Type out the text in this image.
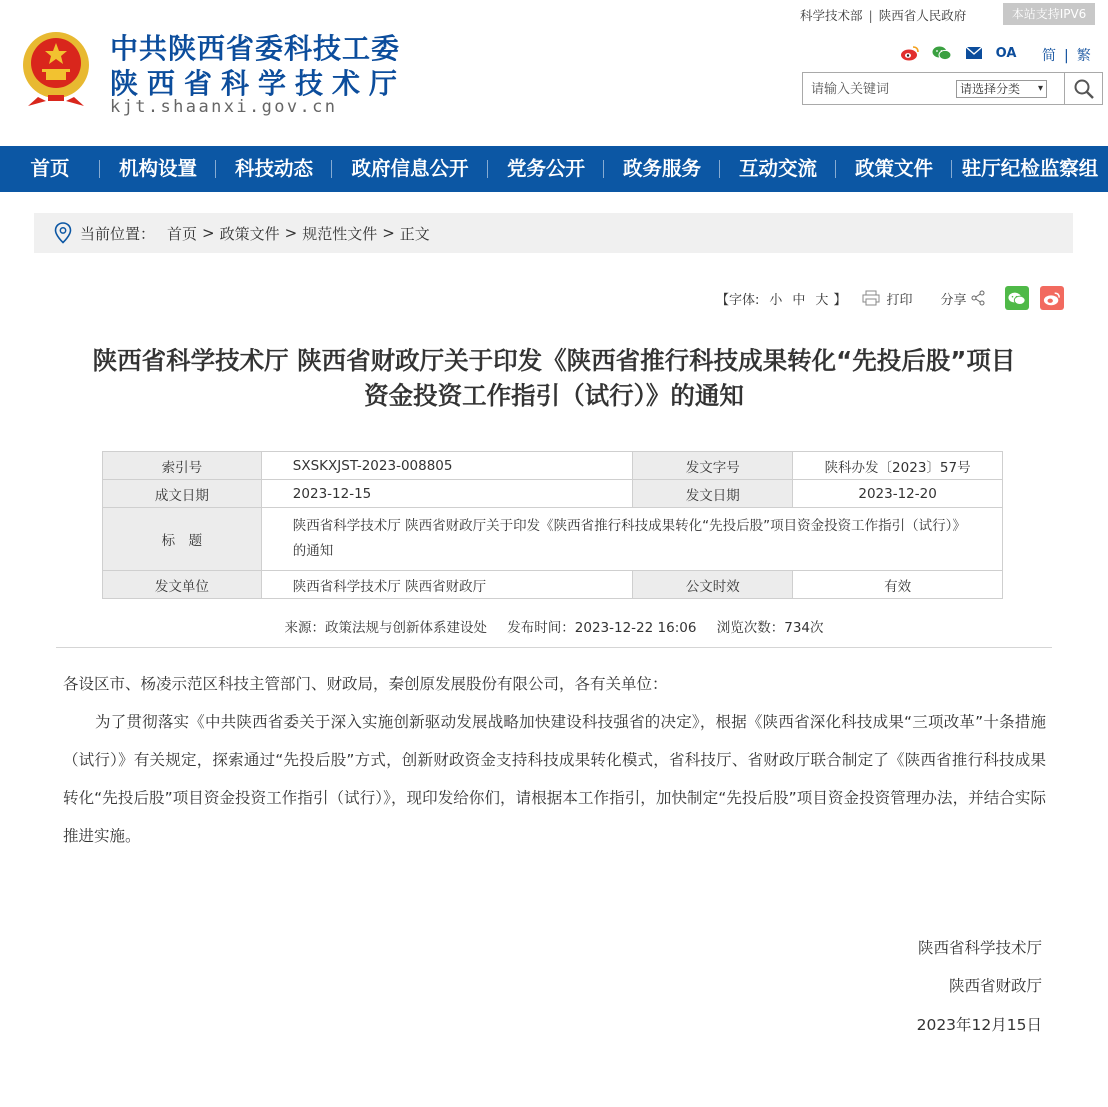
中共陕西省委科技工委
陕西省科学技术厅
kjt.shaanxi.gov.cn
科学技术部 | 陕西省人民政府	本站支持IPV6
OA 简 | 繁
请输入关键词
请选择分类 ▾
首页	机构设置	科技动态	政府信息公开	党务公开	政务服务	互动交流	政策文件	驻厅纪检监察组
当前位置： 首页 > 政策文件 > 规范性文件 > 正文
【字体: 小 中 大 】	打印 分享
陕西省科学技术厅 陕西省财政厅关于印发《陕西省推行科技成果转化“先投后股”项目
资金投资工作指引（试行）》的通知
索引号	SXSKXJST-2023-008805	发文字号	陕科办发〔2023〕57号
成文日期	2023-12-15	发文日期	2023-12-20
标　题	陕西省科学技术厅 陕西省财政厅关于印发《陕西省推行科技成果转化“先投后股”项目资金投资工作指引（试行）》的通知		
发文单位	陕西省科学技术厅 陕西省财政厅	公文时效	有效
来源：政策法规与创新体系建设处 发布时间：2023-12-22 16:06 浏览次数：734次

各设区市、杨凌示范区科技主管部门、财政局，秦创原发展股份有限公司，各有关单位：

为了贯彻落实《中共陕西省委关于深入实施创新驱动发展战略加快建设科技强省的决定》，根据《陕西省深化科技成果“三项改革”十条措施（试行）》有关规定，探索通过“先投后股”方式，创新财政资金支持科技成果转化模式，省科技厅、省财政厅联合制定了《陕西省推行科技成果转化“先投后股”项目资金投资工作指引（试行）》，现印发给你们，请根据本工作指引，加快制定“先投后股”项目资金投资管理办法，并结合实际推进实施。

陕西省科学技术厅
陕西省财政厅
2023年12月15日
